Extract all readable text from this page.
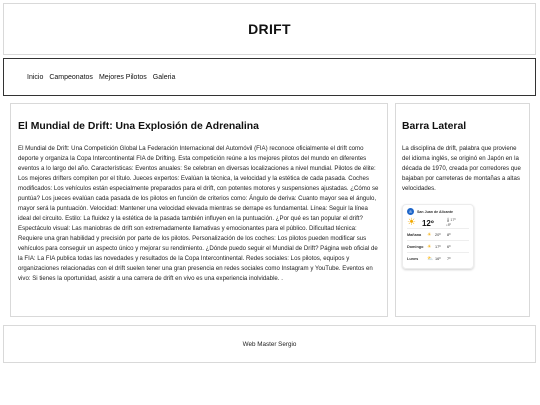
DRIFT
Inicio Campeonatos Mejores Pilotos Galeria
El Mundial de Drift: Una Explosión de Adrenalina

El Mundial de Drift: Una Competición Global La Federación Internacional del Automóvil (FIA) reconoce oficialmente el drift como deporte y organiza la Copa Intercontinental FIA de Drifting. Esta competición reúne a los mejores pilotos del mundo en diferentes eventos a lo largo del año. Características: Eventos anuales: Se celebran en diversas localizaciones a nivel mundial. Pilotos de élite: Los mejores drifters compiten por el título. Jueces expertos: Evalúan la técnica, la velocidad y la estética de cada pasada. Coches modificados: Los vehículos están especialmente preparados para el drift, con potentes motores y suspensiones ajustadas. ¿Cómo se puntúa? Los jueces evalúan cada pasada de los pilotos en función de criterios como: Ángulo de deriva: Cuanto mayor sea el ángulo, mayor será la puntuación. Velocidad: Mantener una velocidad elevada mientras se derrape es fundamental. Línea: Seguir la línea ideal del circuito. Estilo: La fluidez y la estética de la pasada también influyen en la puntuación. ¿Por qué es tan popular el drift? Espectáculo visual: Las maniobras de drift son extremadamente llamativas y emocionantes para el público. Dificultad técnica: Requiere una gran habilidad y precisión por parte de los pilotos. Personalización de los coches: Los pilotos pueden modificar sus vehículos para conseguir un aspecto único y mejorar su rendimiento. ¿Dónde puedo seguir el Mundial de Drift? Página web oficial de la FIA: La FIA publica todas las novedades y resultados de la Copa Intercontinental. Redes sociales: Los pilotos, equipos y organizaciones relacionadas con el drift suelen tener una gran presencia en redes sociales como Instagram y YouTube. Eventos en vivo: Si tienes la oportunidad, asistir a una carrera de drift en vivo es una experiencia inolvidable. .

Barra Lateral

La disciplina de drift, palabra que proviene del idioma inglés, se originó en Japón en la década de 1970, creada por corredores que bajaban por carreteras de montañas a altas velocidades.

8	San Juan de Alicante
☀ 12º	🌡17º
↓8º
Mañana	☀ 20º	8º
Domingo ☀ 17º	6º
Lunes	⛅ 16º	7º
Web Master Sergio
